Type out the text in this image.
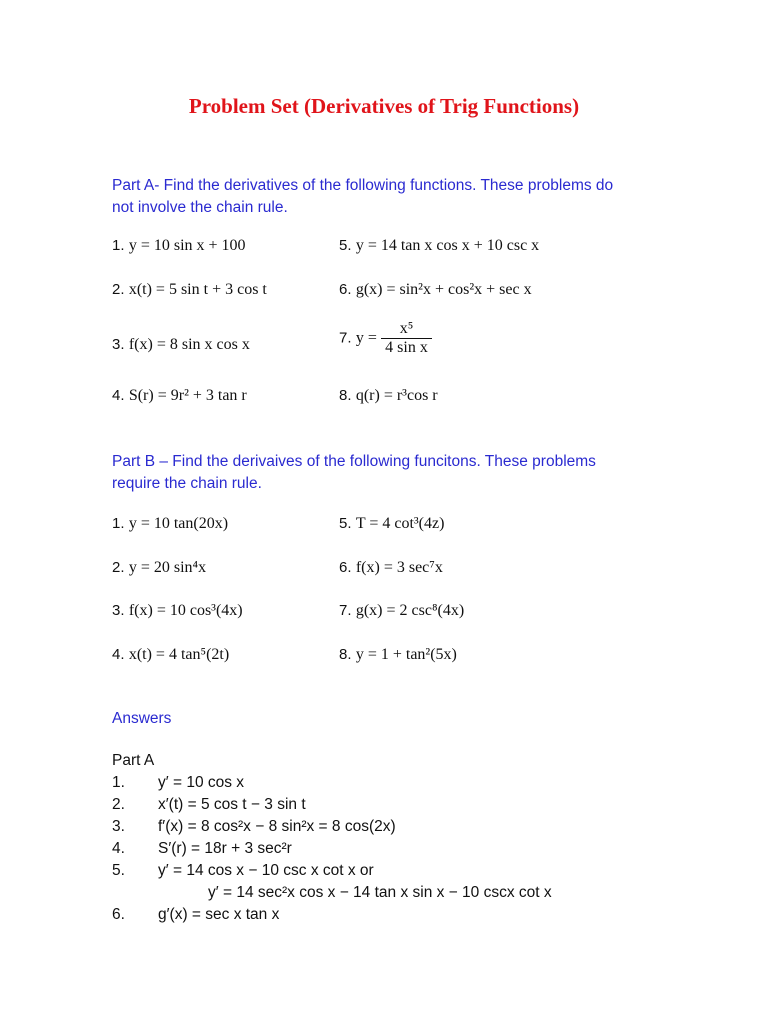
Problem Set (Derivatives of Trig Functions)
Part A- Find the derivatives of the following functions. These problems do
not involve the chain rule.
1. y = 10 sin x + 100	5. y = 14 tan x cos x + 10 csc x
2. x(t) = 5 sin t + 3 cos t	6. g(x) = sin²x + cos²x + sec x
3. f(x) = 8 sin x cos x	7. $y = \frac{\text{x⁵}}{\text{4 sin x}}$
4. S(r) = 9r² + 3 tan r	8. q(r) = r³cos r
Part B – Find the derivaives of the following funcitons. These problems
require the chain rule.
1. y = 10 tan(20x)	5. T = 4 cot³(4z)
2. y = 20 sin⁴x	6. f(x) = 3 sec⁷x
3. f(x) = 10 cos³(4x)	7. g(x) = 2 csc⁸(4x)
4. x(t) = 4 tan⁵(2t)	8. y = 1 + tan²(5x)
Answers
Part A
1. y′ = 10 cos x
2. x′(t) = 5 cos t − 3 sin t
3. f′(x) = 8 cos²x − 8 sin²x = 8 cos(2x)
4. S′(r) = 18r + 3 sec²r
5. y′ = 14 cos x − 10 csc x cot x or
y′ = 14 sec²x cos x − 14 tan x sin x − 10 cscx cot x
6. g′(x) = sec x tan x
